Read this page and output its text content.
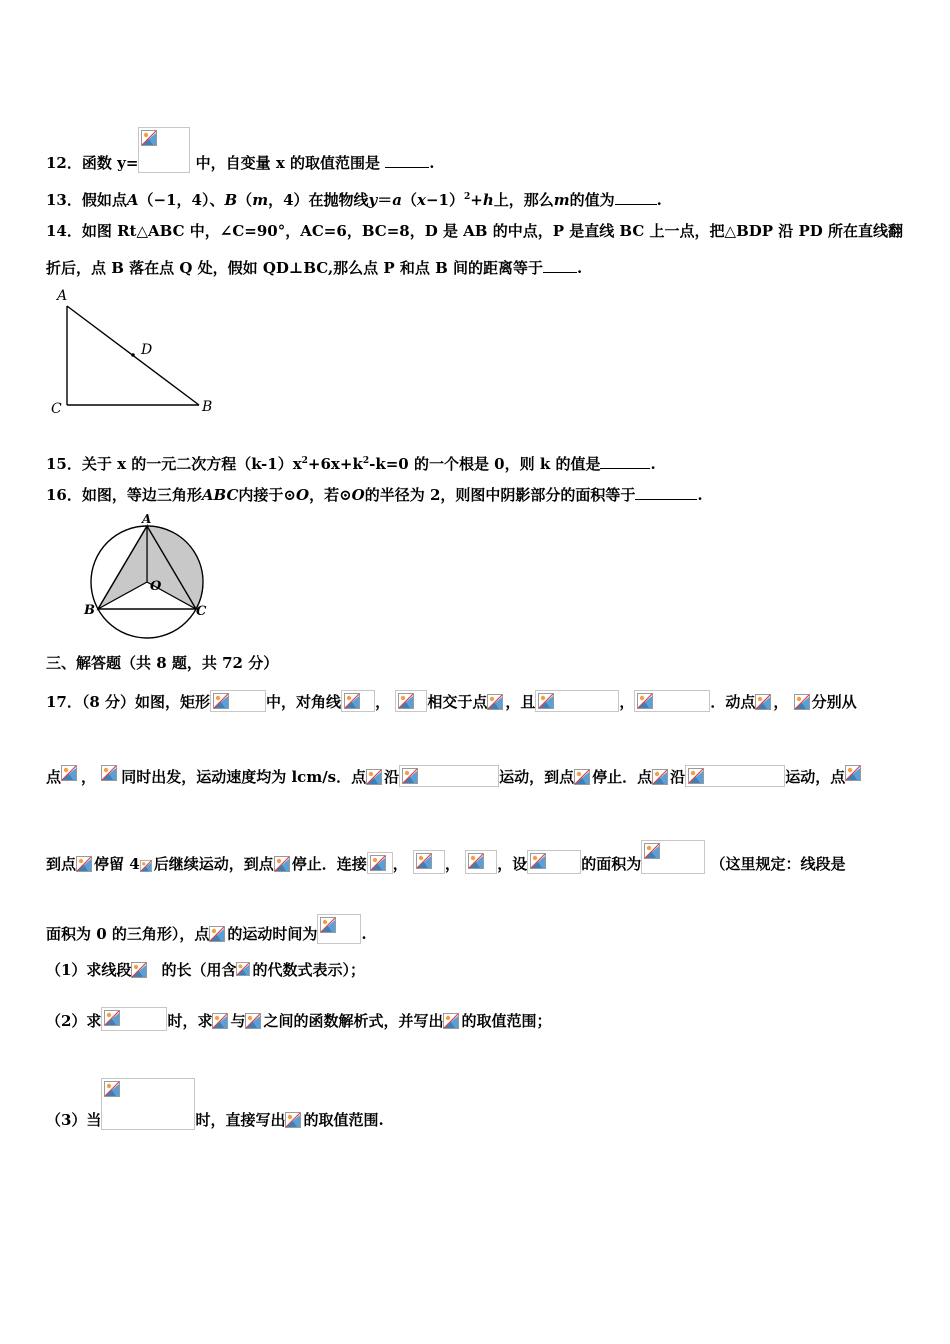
12．函数 y=	中，自变量 x 的取值范围是	.
13．假如点A（−1，4）、B（m，4）在抛物线$y=a(x-1)^2+h$上，那么m的值为	.
14．如图 Rt△ABC 中，∠C=90°，AC=6，BC=8，D 是 AB 的中点，P 是直线 BC 上一点，把△BDP 沿 PD 所在直线翻
折后，点 B 落在点 Q 处，假如 QD⊥BC,那么点 P 和点 B 间的距离等于 .
A
C	B
D
15．关于 x 的一元二次方程$(k-1)x^2+6x+k^2-k=0$ 的一个根是 0，则 k 的值是	.
16．如图，等边三角形ABC内接于⊙O，若⊙O的半径为 2，则图中阴影部分的面积等于	.
A
B	C
O
三、解答题（共 8 题，共 72 分）
17．（8 分）如图，矩形	中，对角线 ， 相交于点 ，且	，	．动点 ， 分别从
点 ， 同时出发，运动速度均为 lcm/s．点 沿	运动，到点 停止．点 沿	运动，点
到点 停留 4 后继续运动，到点 停止．连接 ， ， ，设	的面积为	（这里规定：线段是
面积为 0 的三角形），点 的运动时间为	.
（1）求线段 的长（用含 的代数式表示）；
（2）求	时，求 与 之间的函数解析式，并写出 的取值范围；
（3）当	时，直接写出 的取值范围.
